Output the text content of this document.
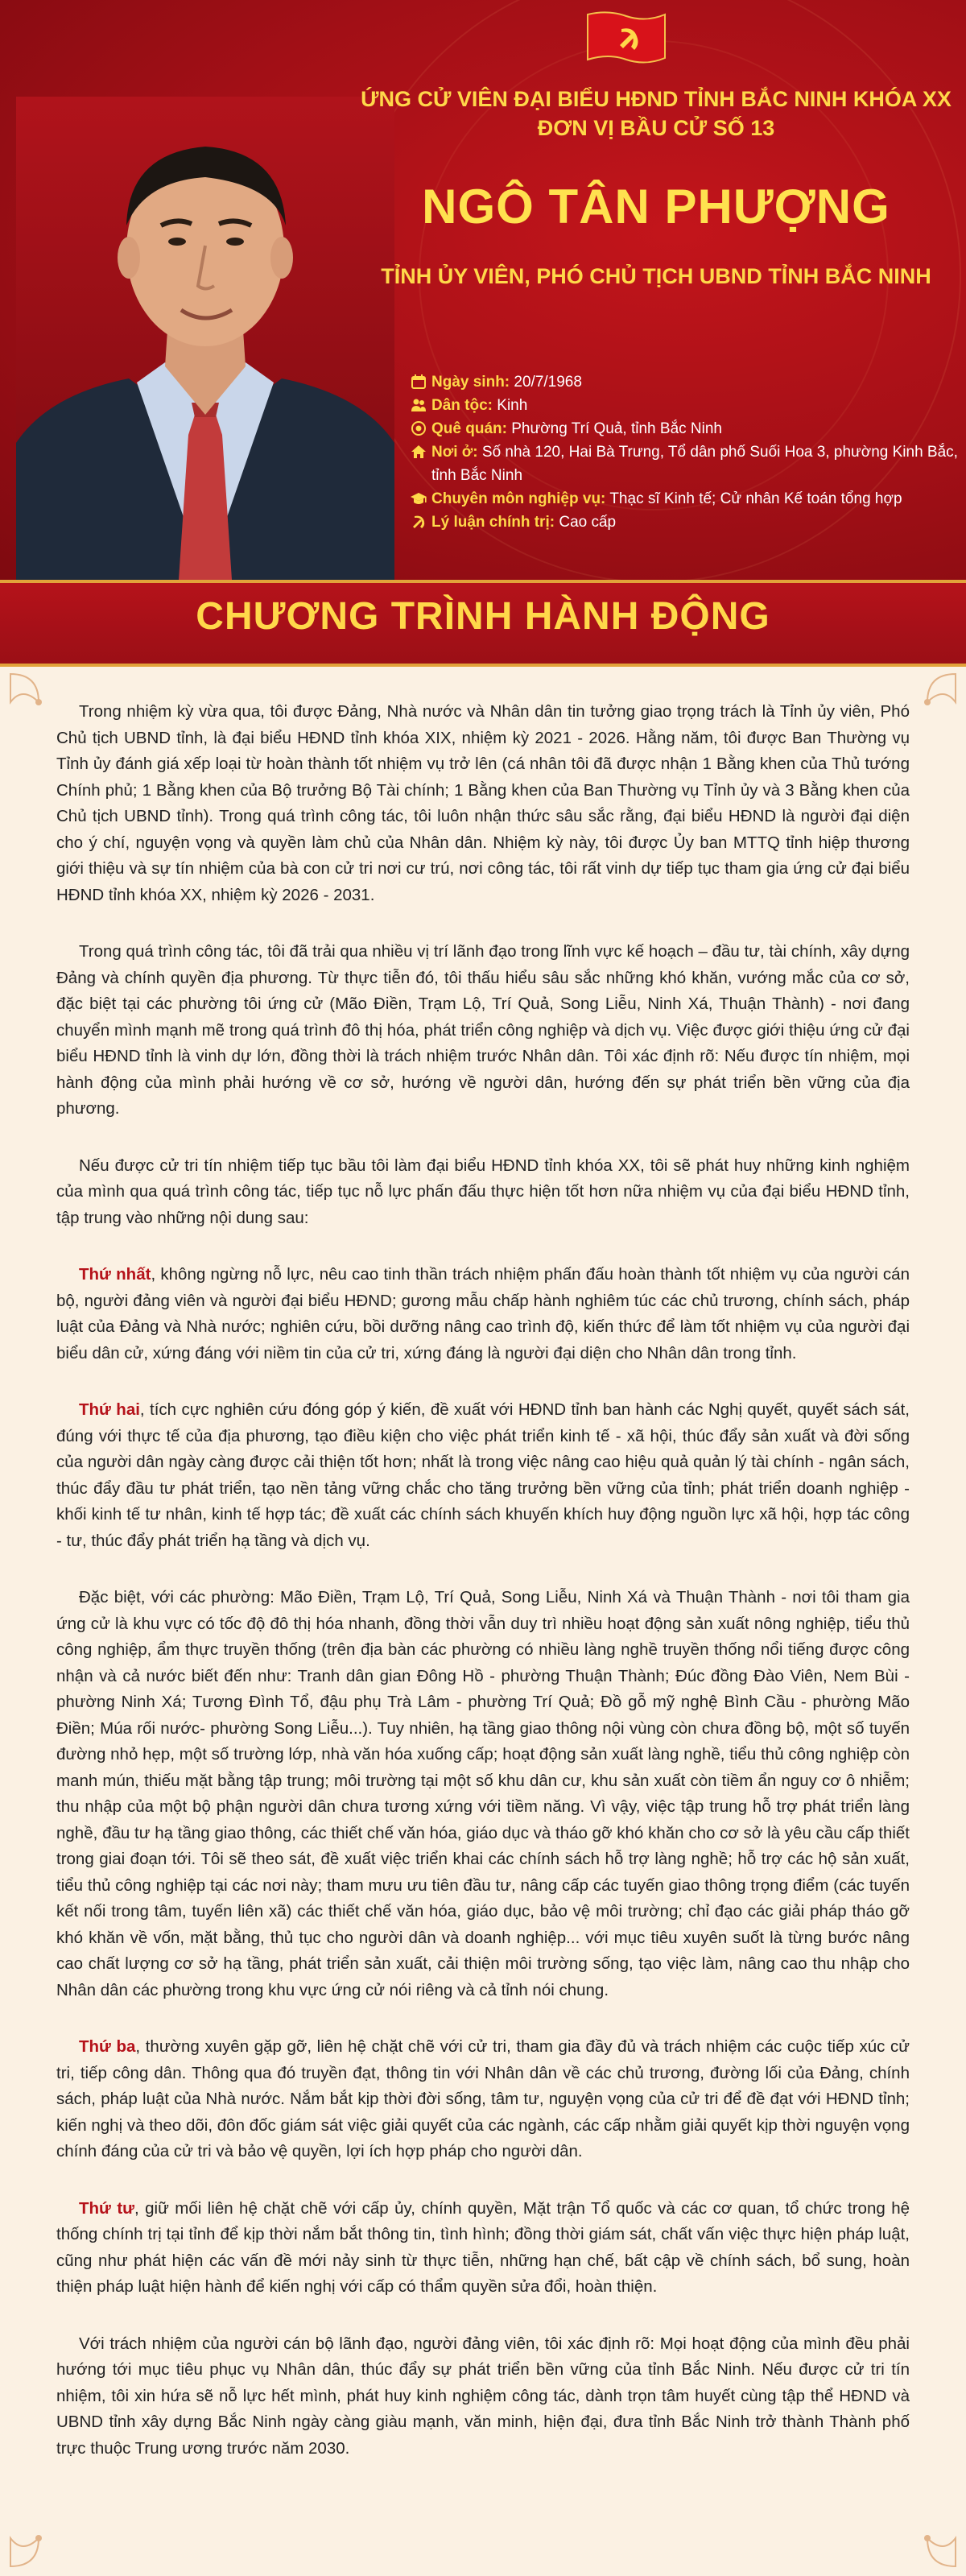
ỨNG CỬ VIÊN ĐẠI BIỂU HĐND TỈNH BẮC NINH KHÓA XX
ĐƠN VỊ BẦU CỬ SỐ 13
NGÔ TÂN PHƯỢNG
TỈNH ỦY VIÊN, PHÓ CHỦ TỊCH UBND TỈNH BẮC NINH
Ngày sinh: 20/7/1968
Dân tộc: Kinh
Quê quán: Phường Trí Quả, tỉnh Bắc Ninh
Nơi ở: Số nhà 120, Hai Bà Trưng, Tổ dân phố Suối Hoa 3, phường Kinh Bắc, tỉnh Bắc Ninh
Chuyên môn nghiệp vụ: Thạc sĩ Kinh tế; Cử nhân Kế toán tổng hợp
Lý luận chính trị: Cao cấp
CHƯƠNG TRÌNH HÀNH ĐỘNG

Trong nhiệm kỳ vừa qua, tôi được Đảng, Nhà nước và Nhân dân tin tưởng giao trọng trách là Tỉnh ủy viên, Phó Chủ tịch UBND tỉnh, là đại biểu HĐND tỉnh khóa XIX, nhiệm kỳ 2021 - 2026. Hằng năm, tôi được Ban Thường vụ Tỉnh ủy đánh giá xếp loại từ hoàn thành tốt nhiệm vụ trở lên (cá nhân tôi đã được nhận 1 Bằng khen của Thủ tướng Chính phủ; 1 Bằng khen của Bộ trưởng Bộ Tài chính; 1 Bằng khen của Ban Thường vụ Tỉnh ủy và 3 Bằng khen của Chủ tịch UBND tỉnh). Trong quá trình công tác, tôi luôn nhận thức sâu sắc rằng, đại biểu HĐND là người đại diện cho ý chí, nguyện vọng và quyền làm chủ của Nhân dân. Nhiệm kỳ này, tôi được Ủy ban MTTQ tỉnh hiệp thương giới thiệu và sự tín nhiệm của bà con cử tri nơi cư trú, nơi công tác, tôi rất vinh dự tiếp tục tham gia ứng cử đại biểu HĐND tỉnh khóa XX, nhiệm kỳ 2026 - 2031.

Trong quá trình công tác, tôi đã trải qua nhiều vị trí lãnh đạo trong lĩnh vực kế hoạch – đầu tư, tài chính, xây dựng Đảng và chính quyền địa phương. Từ thực tiễn đó, tôi thấu hiểu sâu sắc những khó khăn, vướng mắc của cơ sở, đặc biệt tại các phường tôi ứng cử (Mão Điền, Trạm Lộ, Trí Quả, Song Liễu, Ninh Xá, Thuận Thành) - nơi đang chuyển mình mạnh mẽ trong quá trình đô thị hóa, phát triển công nghiệp và dịch vụ. Việc được giới thiệu ứng cử đại biểu HĐND tỉnh là vinh dự lớn, đồng thời là trách nhiệm trước Nhân dân. Tôi xác định rõ: Nếu được tín nhiệm, mọi hành động của mình phải hướng về cơ sở, hướng về người dân, hướng đến sự phát triển bền vững của địa phương.

Nếu được cử tri tín nhiệm tiếp tục bầu tôi làm đại biểu HĐND tỉnh khóa XX, tôi sẽ phát huy những kinh nghiệm của mình qua quá trình công tác, tiếp tục nỗ lực phấn đấu thực hiện tốt hơn nữa nhiệm vụ của đại biểu HĐND tỉnh, tập trung vào những nội dung sau:

Thứ nhất, không ngừng nỗ lực, nêu cao tinh thần trách nhiệm phấn đấu hoàn thành tốt nhiệm vụ của người cán bộ, người đảng viên và người đại biểu HĐND; gương mẫu chấp hành nghiêm túc các chủ trương, chính sách, pháp luật của Đảng và Nhà nước; nghiên cứu, bồi dưỡng nâng cao trình độ, kiến thức để làm tốt nhiệm vụ của người đại biểu dân cử, xứng đáng với niềm tin của cử tri, xứng đáng là người đại diện cho Nhân dân trong tỉnh.

Thứ hai, tích cực nghiên cứu đóng góp ý kiến, đề xuất với HĐND tỉnh ban hành các Nghị quyết, quyết sách sát, đúng với thực tế của địa phương, tạo điều kiện cho việc phát triển kinh tế - xã hội, thúc đẩy sản xuất và đời sống của người dân ngày càng được cải thiện tốt hơn; nhất là trong việc nâng cao hiệu quả quản lý tài chính - ngân sách, thúc đẩy đầu tư phát triển, tạo nền tảng vững chắc cho tăng trưởng bền vững của tỉnh; phát triển doanh nghiệp - khối kinh tế tư nhân, kinh tế hợp tác; đề xuất các chính sách khuyến khích huy động nguồn lực xã hội, hợp tác công - tư, thúc đẩy phát triển hạ tầng và dịch vụ.

Đặc biệt, với các phường: Mão Điền, Trạm Lộ, Trí Quả, Song Liễu, Ninh Xá và Thuận Thành - nơi tôi tham gia ứng cử là khu vực có tốc độ đô thị hóa nhanh, đồng thời vẫn duy trì nhiều hoạt động sản xuất nông nghiệp, tiểu thủ công nghiệp, ẩm thực truyền thống (trên địa bàn các phường có nhiều làng nghề truyền thống nổi tiếng được công nhận và cả nước biết đến như: Tranh dân gian Đông Hồ - phường Thuận Thành; Đúc đồng Đào Viên, Nem Bùi - phường Ninh Xá; Tương Đình Tổ, đậu phụ Trà Lâm - phường Trí Quả; Đồ gỗ mỹ nghệ Bình Cầu - phường Mão Điền; Múa rối nước- phường Song Liễu...). Tuy nhiên, hạ tầng giao thông nội vùng còn chưa đồng bộ, một số tuyến đường nhỏ hẹp, một số trường lớp, nhà văn hóa xuống cấp; hoạt động sản xuất làng nghề, tiểu thủ công nghiệp còn manh mún, thiếu mặt bằng tập trung; môi trường tại một số khu dân cư, khu sản xuất còn tiềm ẩn nguy cơ ô nhiễm; thu nhập của một bộ phận người dân chưa tương xứng với tiềm năng. Vì vậy, việc tập trung hỗ trợ phát triển làng nghề, đầu tư hạ tầng giao thông, các thiết chế văn hóa, giáo dục và tháo gỡ khó khăn cho cơ sở là yêu cầu cấp thiết trong giai đoạn tới. Tôi sẽ theo sát, đề xuất việc triển khai các chính sách hỗ trợ làng nghề; hỗ trợ các hộ sản xuất, tiểu thủ công nghiệp tại các nơi này; tham mưu ưu tiên đầu tư, nâng cấp các tuyến giao thông trọng điểm (các tuyến kết nối trong tâm, tuyến liên xã) các thiết chế văn hóa, giáo dục, bảo vệ môi trường; chỉ đạo các giải pháp tháo gỡ khó khăn về vốn, mặt bằng, thủ tục cho người dân và doanh nghiệp... với mục tiêu xuyên suốt là từng bước nâng cao chất lượng cơ sở hạ tầng, phát triển sản xuất, cải thiện môi trường sống, tạo việc làm, nâng cao thu nhập cho Nhân dân các phường trong khu vực ứng cử nói riêng và cả tỉnh nói chung.

Thứ ba, thường xuyên gặp gỡ, liên hệ chặt chẽ với cử tri, tham gia đầy đủ và trách nhiệm các cuộc tiếp xúc cử tri, tiếp công dân. Thông qua đó truyền đạt, thông tin với Nhân dân về các chủ trương, đường lối của Đảng, chính sách, pháp luật của Nhà nước. Nắm bắt kịp thời đời sống, tâm tư, nguyện vọng của cử tri để đề đạt với HĐND tỉnh; kiến nghị và theo dõi, đôn đốc giám sát việc giải quyết của các ngành, các cấp nhằm giải quyết kịp thời nguyện vọng chính đáng của cử tri và bảo vệ quyền, lợi ích hợp pháp cho người dân.

Thứ tư, giữ mối liên hệ chặt chẽ với cấp ủy, chính quyền, Mặt trận Tổ quốc và các cơ quan, tổ chức trong hệ thống chính trị tại tỉnh để kịp thời nắm bắt thông tin, tình hình; đồng thời giám sát, chất vấn việc thực hiện pháp luật, cũng như phát hiện các vấn đề mới nảy sinh từ thực tiễn, những hạn chế, bất cập về chính sách, bổ sung, hoàn thiện pháp luật hiện hành để kiến nghị với cấp có thẩm quyền sửa đổi, hoàn thiện.

Với trách nhiệm của người cán bộ lãnh đạo, người đảng viên, tôi xác định rõ: Mọi hoạt động của mình đều phải hướng tới mục tiêu phục vụ Nhân dân, thúc đẩy sự phát triển bền vững của tỉnh Bắc Ninh. Nếu được cử tri tín nhiệm, tôi xin hứa sẽ nỗ lực hết mình, phát huy kinh nghiệm công tác, dành trọn tâm huyết cùng tập thể HĐND và UBND tỉnh xây dựng Bắc Ninh ngày càng giàu mạnh, văn minh, hiện đại, đưa tỉnh Bắc Ninh trở thành Thành phố trực thuộc Trung ương trước năm 2030.
